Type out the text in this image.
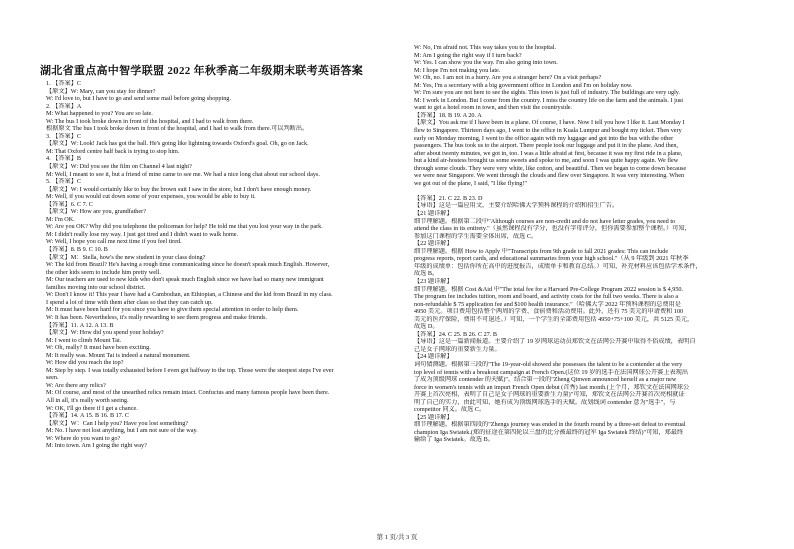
湖北省重点高中智学联盟 2022 年秋季高二年级期末联考英语答案

1. 【答案】C

【原文】W: Mary, can you stay for dinner?

W: I'd love to, but I have to go and send some mail before going shopping.

2. 【答案】A

M: What happened to you? You are so late.

W: The bus I took broke down in front of the hospital, and I had to walk from there.

根据原文 The bus I took broke down in front of the hospital, and I had to walk from there.可以判断出。

3. 【答案】C

【原文】W: Look! Jack has got the ball. He's going like lightning towards Oxford's goal. Oh, go on Jack.

M: That Oxford centre half back is trying to stop him.

4. 【答案】B

【原文】W: Did you see the film on Channel 4 last night?

M: Well, I meant to see it, but a friend of mine came to see me. We had a nice long chat about our school days.

5. 【答案】C

【原文】W: I would certainly like to buy the brown suit I saw in the store, but I don't have enough money.

M: Well, if you would cut down some of your expenses, you would be able to buy it.

【答案】6. C 7. C

【原文】W: How are you, grandfather?

M: I'm OK.

W: Are you OK? Why did you telephone the policeman for help? He told me that you lost your way in the park.

M: I didn't really lose my way. I just got tired and I didn't want to walk home.

W: Well, I hope you call me next time if you feel tired.

【答案】8. B 9. C 10. B

【原文】M：Stella, how's the new student in your class doing?

W: The kid from Brazil? He's having a rough time communicating since he doesn't speak much English. However,

the other kids seem to include him pretty well.

M: Our teachers are used to new kids who don't speak much English since we have had so many new immigrant

families moving into our school district.

W: Don't I know it! This year I have had a Cambodian, an Ethiopian, a Chinese and the kid from Brazil in my class.

I spend a lot of time with them after class so that they can catch up.

M: It must have been hard for you since you have to give them special attention in order to help them.

W: It has been. Nevertheless, it's really rewarding to see them progress and make friends.

【答案】11. A 12. A 13. B

【原文】W: How did you spend your holiday?

M: I went to climb Mount Tai.

W: Oh, really? It must have been exciting.

M: It really was. Mount Tai is indeed a natural monument.

W: How did you reach the top?

M: Step by step. I was totally exhausted before I even got halfway to the top. Those were the steepest steps I've ever

seen.

W: Are there any relics?

M: Of course, and most of the unearthed relics remain intact. Confucius and many famous people have been there.

All in all, it's really worth seeing.

W: OK, I'll go there if I get a chance.

【答案】14. A 15. B 16. B 17. C

【原文】W：Can I help you? Have you lost something?

M: No. I have not lost anything, but I am not sure of the way.

W: Where do you want to go?

M: Into town. Am I going the right way?

W: No, I'm afraid not. This way takes you to the hospital.

M: Am I going the right way if I turn back?

W: Yes. I can show you the way. I'm also going into town.

M: I hope I'm not making you late.

W: Oh, no. I am not in a hurry. Are you a stranger here? On a visit perhaps?

M: Yes, I'm a secretary with a big government office in London and I'm on holiday now.

W: I'm sure you are not here to see the sights. This town is just full of industry. The buildings are very ugly.

M: I work in London. But I come from the country. I miss the country life on the farm and the animals. I just

want to get a hotel room in town, and then visit the countryside.

【答案】18. B 19. A 20. A

【原文】You ask me if I have been in a plane. Of course, I have. Now I tell you how I like it. Last Monday I

flew to Singapore. Thirteen days ago, I went to the office in Kuala Lumpur and bought my ticket. Then very

early on Monday morning, I went to the office again with my luggage and got into the bus with the other

passengers. The bus took us to the airport. There people took our luggage and put it in the plane. And then,

after about twenty minutes, we got in, too. I was a little afraid at first, because it was my first ride in a plane,

but a kind air-hostess brought us some sweets and spoke to me, and soon I was quite happy again. We flew

through some clouds. They were very white, like cotton, and beautiful. Then we began to come down because

we were near Singapore. We went through the clouds and flew over Singapore. It was very interesting. When

we got out of the plane, I said, "I like flying!"

【答案】21. C 22. B 23. D

【导语】这是一篇应用文，主要介绍哈佛大学预科课程的介绍和招生广告。

【21 题详解】

细节理解题。根据第二段中"Although courses are non-credit and do not have letter grades, you need to

attend the class in its entirety."（虽然课程没有学分，也没有字母评分，但你需要参加整个课程。）可知，

参加这门课程的学生需要全体出席，故选 C。

【22 题详解】

细节理解题。根据 How to Apply 中"Transcripts from 9th grade to fall 2021 grades: This can include

progress reports, report cards, and educational summaries from your high school."（从 9 年级到 2021 年秋季

年级的成绩单：包括你所在高中的进度报告，成绩单卡和教育总结。）可知，补充材料应该包括学术条件，

故选 B。

【23 题详解】

细节理解题。根据 Cost &Aid 中"The total fee for a Harvard Pre-College Program 2022 session is $ 4,950.

The program fee includes tuition, room and board, and activity costs for the full two weeks. There is also a

non-refundable $ 75 application fee and $100 health insurance."（哈佛大学 2022 年预科课程的总费用是

4950 美元。项目费用包括整个两周的学费、食宿费和活动费用。此外，还有 75 美元的申请费和 100

美元的医疗保险，费用不可退还。）可知，一个学生的全部费用包括 4950+75+100 美元，共 5125 美元，

故选 D。

【答案】24. C 25. B 26. C 27. B

【导语】这是一篇新闻报道。主要介绍了 19 岁网球运动员郑钦文在法网公开赛中取得不俗成绩，表明自

己是女子网球的重要新生力量。

【24 题详解】

词句猜测题。根据第三段的"The 19-year-old showed she possesses the talent to be a contender at the very

top level of tennis with a breakout campaign at French Open.(这位 19 岁的选手在法国网球公开赛上表现出

了成为顶级网球 contender 的天赋)"，结合第一段的"Zheng Qinwen announced herself as a major new

force in women's tennis with an impurt French Open debut (首秀) last month.(上个月，郑钦文在法国网球公

开赛上首次亮相，表明了自己是女子网球的重要新生力量)"可知，郑钦文在法网公开赛首次亮相就证

明了自己的实力，由此可知，她有成为顶级网球选手的天赋。故划线词 contender 意为"选手"，与

competitor 同义。故选 C。

【25 题详解】

细节理解题。根据第四段的"Zhengs journey was ended in the fourth round by a three-set defeat to eventual

champion Iga Swiatek.(郑的征途在第四轮以三盘的比分被最终的冠军 Iga Swiatek 终结)"可知，郑最终

输给了 Iga Swiatek。故选 B。

第 1 页/共 3 页
